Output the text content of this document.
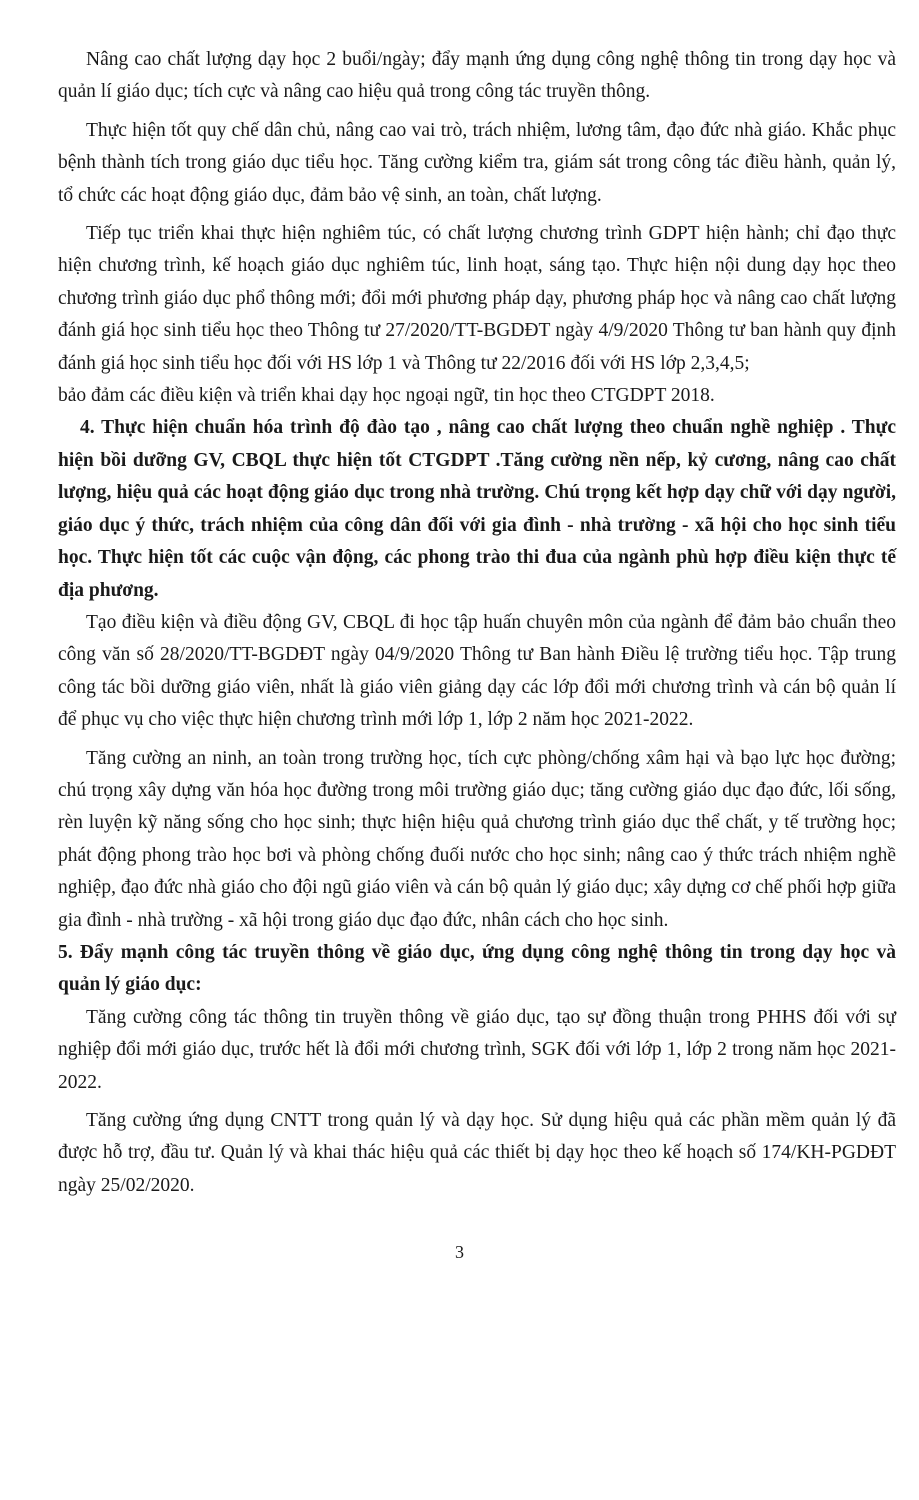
Nâng cao chất lượng dạy học 2 buổi/ngày; đẩy mạnh ứng dụng công nghệ thông tin trong dạy học và quản lí giáo dục; tích cực và nâng cao hiệu quả trong công tác truyền thông.

Thực hiện tốt quy chế dân chủ, nâng cao vai trò, trách nhiệm, lương tâm, đạo đức nhà giáo. Khắc phục bệnh thành tích trong giáo dục tiểu học. Tăng cường kiểm tra, giám sát trong công tác điều hành, quản lý, tổ chức các hoạt động giáo dục, đảm bảo vệ sinh, an toàn, chất lượng.

Tiếp tục triển khai thực hiện nghiêm túc, có chất lượng chương trình GDPT hiện hành; chỉ đạo thực hiện chương trình, kế hoạch giáo dục nghiêm túc, linh hoạt, sáng tạo. Thực hiện nội dung dạy học theo chương trình giáo dục phổ thông mới; đổi mới phương pháp dạy, phương pháp học và nâng cao chất lượng đánh giá học sinh tiểu học theo Thông tư 27/2020/TT-BGDĐT ngày 4/9/2020 Thông tư ban hành quy định đánh giá học sinh tiểu học đối với HS lớp 1 và Thông tư 22/2016 đối với HS lớp 2,3,4,5;

bảo đảm các điều kiện và triển khai dạy học ngoại ngữ, tin học theo CTGDPT 2018.

4. Thực hiện chuẩn hóa trình độ đào tạo , nâng cao chất lượng theo chuẩn nghề nghiệp . Thực hiện bồi dưỡng GV, CBQL thực hiện tốt CTGDPT .Tăng cường nền nếp, kỷ cương, nâng cao chất lượng, hiệu quả các hoạt động giáo dục trong nhà trường. Chú trọng kết hợp dạy chữ với dạy người, giáo dục ý thức, trách nhiệm của công dân đối với gia đình - nhà trường - xã hội cho học sinh tiểu học. Thực hiện tốt các cuộc vận động, các phong trào thi đua của ngành phù hợp điều kiện thực tế địa phương.

Tạo điều kiện và điều động GV, CBQL đi học tập huấn chuyên môn của ngành để đảm bảo chuẩn theo công văn số 28/2020/TT-BGDĐT ngày 04/9/2020 Thông tư Ban hành Điều lệ trường tiểu học. Tập trung công tác bồi dưỡng giáo viên, nhất là giáo viên giảng dạy các lớp đổi mới chương trình và cán bộ quản lí để phục vụ cho việc thực hiện chương trình mới lớp 1, lớp 2 năm học 2021-2022.

Tăng cường an ninh, an toàn trong trường học, tích cực phòng/chống xâm hại và bạo lực học đường; chú trọng xây dựng văn hóa học đường trong môi trường giáo dục; tăng cường giáo dục đạo đức, lối sống, rèn luyện kỹ năng sống cho học sinh; thực hiện hiệu quả chương trình giáo dục thể chất, y tế trường học; phát động phong trào học bơi và phòng chống đuối nước cho học sinh; nâng cao ý thức trách nhiệm nghề nghiệp, đạo đức nhà giáo cho đội ngũ giáo viên và cán bộ quản lý giáo dục; xây dựng cơ chế phối hợp giữa gia đình - nhà trường - xã hội trong giáo dục đạo đức, nhân cách cho học sinh.

5. Đẩy mạnh công tác truyền thông về giáo dục, ứng dụng công nghệ thông tin trong dạy học và quản lý giáo dục:

Tăng cường công tác thông tin truyền thông về giáo dục, tạo sự đồng thuận trong PHHS đối với sự nghiệp đổi mới giáo dục, trước hết là đổi mới chương trình, SGK đối với lớp 1, lớp 2 trong năm học 2021-2022.

Tăng cường ứng dụng CNTT trong quản lý và dạy học. Sử dụng hiệu quả các phần mềm quản lý đã được hỗ trợ, đầu tư. Quản lý và khai thác hiệu quả các thiết bị dạy học theo kế hoạch số 174/KH-PGDĐT ngày 25/02/2020.

3
